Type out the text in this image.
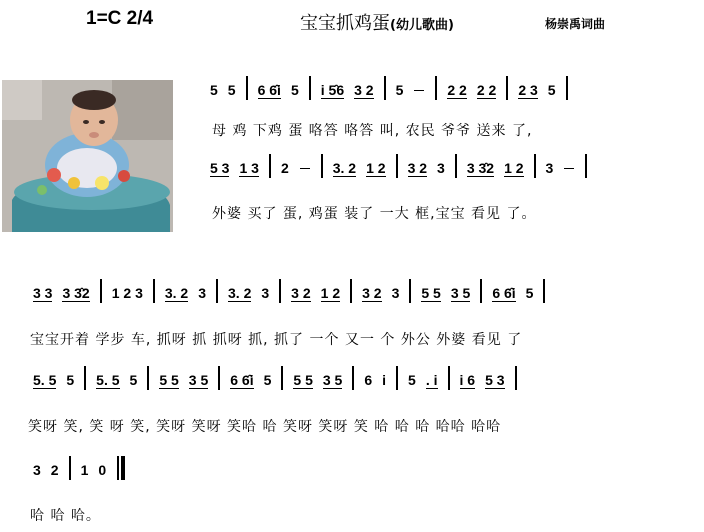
1=C 2/4	宝宝抓鸡蛋(幼儿歌曲)	杨崇禹词曲
5 5 6 6̂i 5 i 5̂6 3 2 5	2 2 2 2 2 3 5
母 鸡 下鸡 蛋 咯答 咯答 叫, 农民 爷爷 送来 了,
5 3 1 3 2	3. 2 1 2 3 2 3 3 3̂2 1 2 3
外婆 买了 蛋, 鸡蛋 装了 一大 框,宝宝 看见 了。
3 3 3 3̂2 1 2 3 3. 2 3 3. 2 3 3 2 1 2 3 2 3 5 5 3 5 6 6̂i 5
宝宝开着 学步 车, 抓呀 抓 抓呀 抓, 抓了 一个 又一 个 外公 外婆 看见 了
5. 5 5 5. 5 5 5 5 3 5 6 6̂i 5 5 5 3 5 6 i 5 . i i 6 5 3
笑呀 笑, 笑 呀 笑, 笑呀 笑呀 笑哈 哈 笑呀 笑呀 笑 哈 哈 哈 哈哈 哈哈
3 2 1 0
哈 哈 哈。
